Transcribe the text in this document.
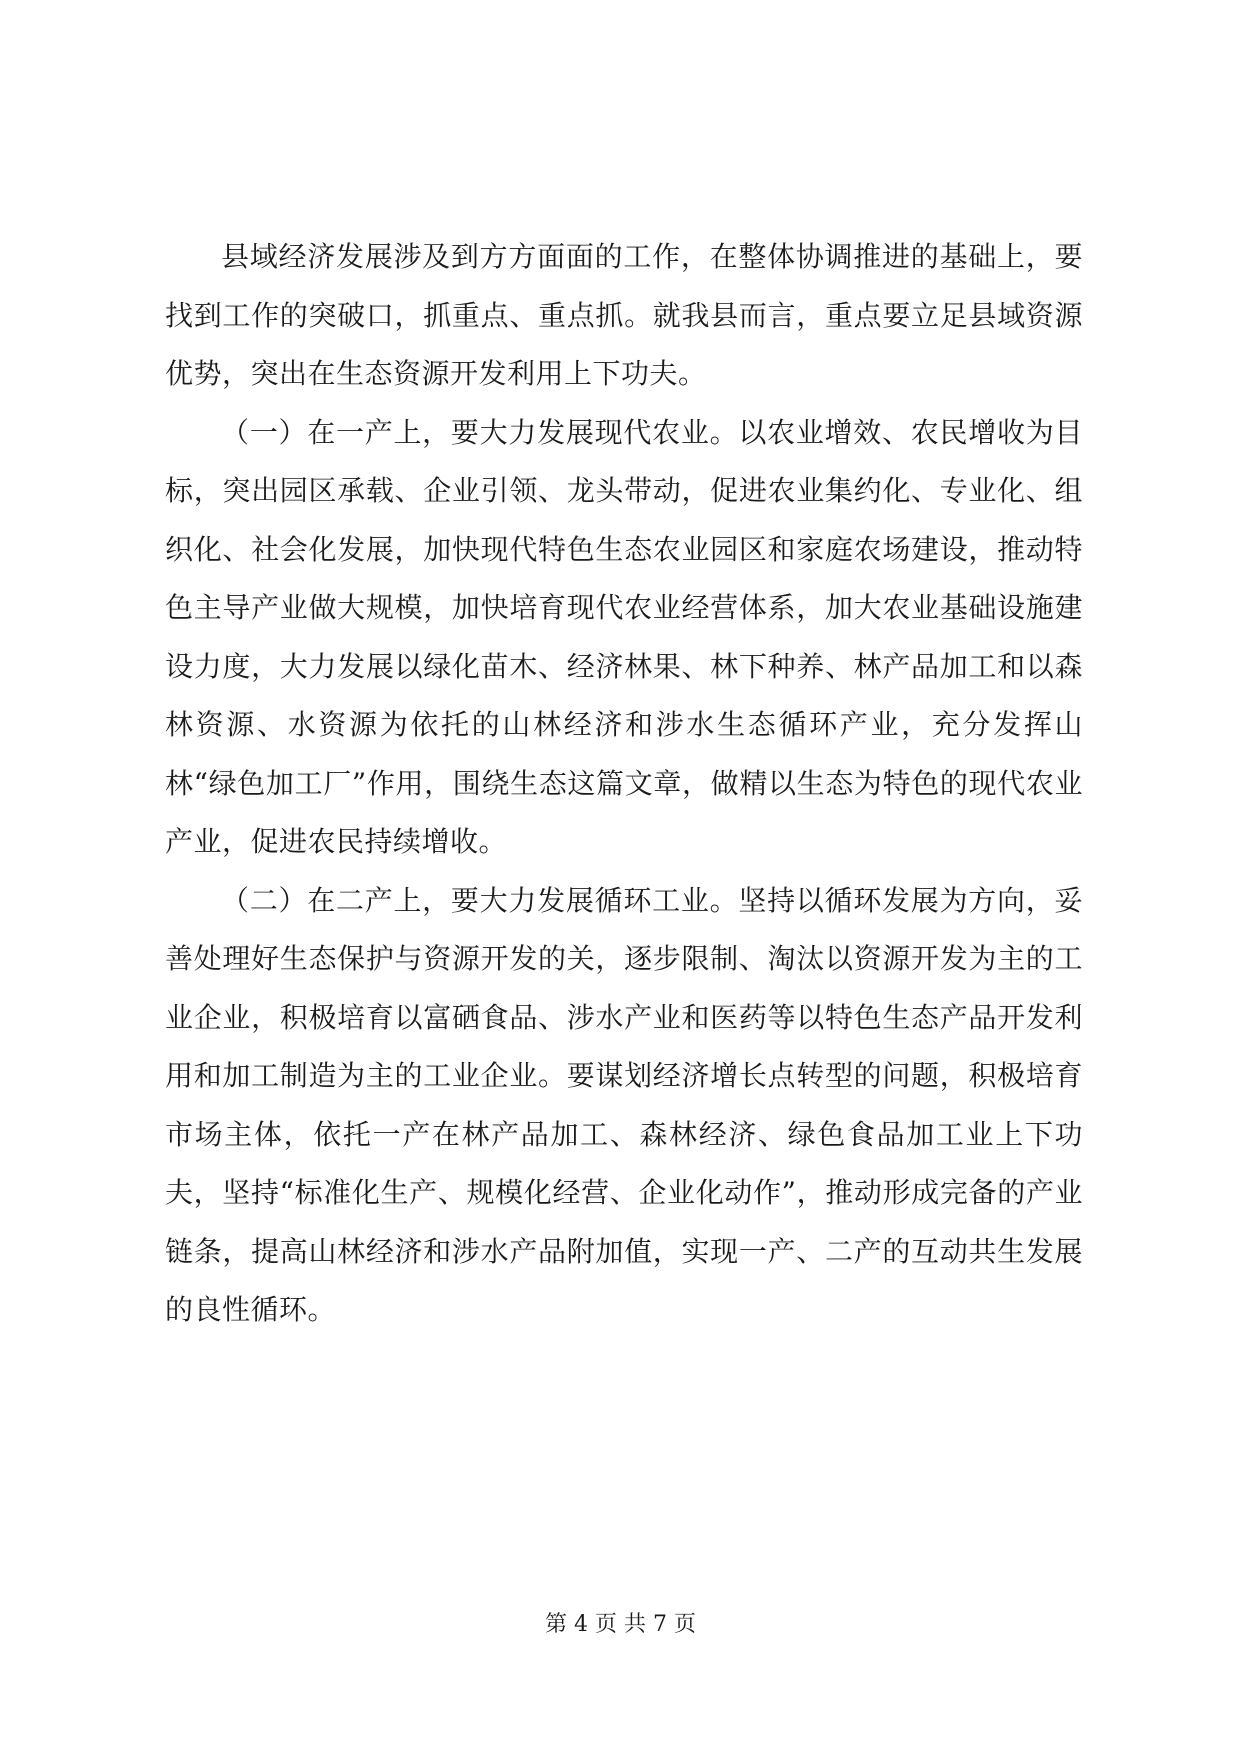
县域经济发展涉及到方方面面的工作，在整体协调推进的基础上，要找到工作的突破口，抓重点、重点抓。就我县而言，重点要立足县域资源优势，突出在生态资源开发利用上下功夫。

（一）在一产上，要大力发展现代农业。以农业增效、农民增收为目标，突出园区承载、企业引领、龙头带动，促进农业集约化、专业化、组织化、社会化发展，加快现代特色生态农业园区和家庭农场建设，推动特色主导产业做大规模，加快培育现代农业经营体系，加大农业基础设施建设力度，大力发展以绿化苗木、经济林果、林下种养、林产品加工和以森林资源、水资源为依托的山林经济和涉水生态循环产业，充分发挥山林“绿色加工厂”作用，围绕生态这篇文章，做精以生态为特色的现代农业产业，促进农民持续增收。

（二）在二产上，要大力发展循环工业。坚持以循环发展为方向，妥善处理好生态保护与资源开发的关，逐步限制、淘汰以资源开发为主的工业企业，积极培育以富硒食品、涉水产业和医药等以特色生态产品开发利用和加工制造为主的工业企业。要谋划经济增长点转型的问题，积极培育市场主体，依托一产在林产品加工、森林经济、绿色食品加工业上下功夫，坚持“标准化生产、规模化经营、企业化动作”，推动形成完备的产业链条，提高山林经济和涉水产品附加值，实现一产、二产的互动共生发展的良性循环。

第 4 页 共 7 页
